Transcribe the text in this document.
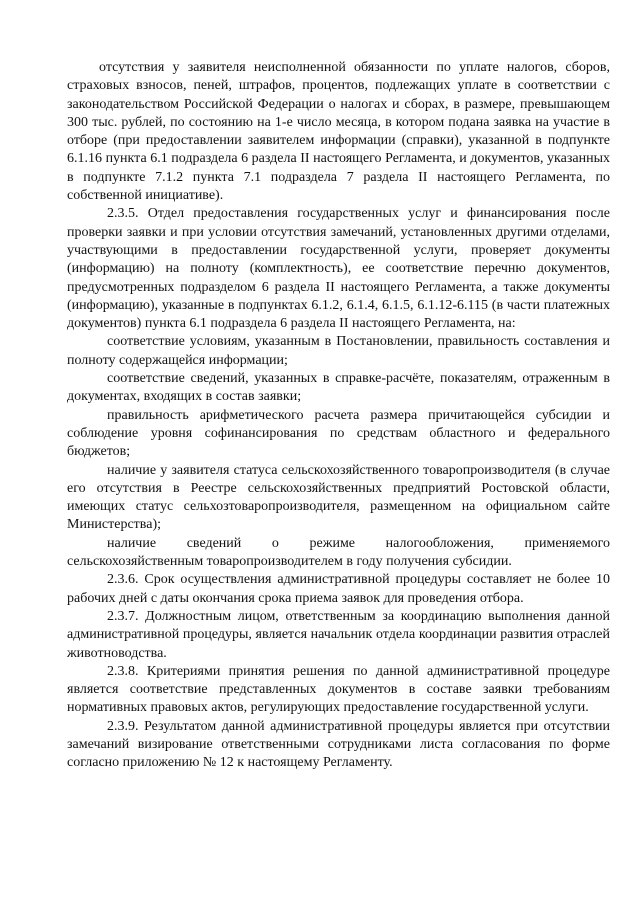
отсутствия у заявителя неисполненной обязанности по уплате налогов, сборов, страховых взносов, пеней, штрафов, процентов, подлежащих уплате в соответствии с законодательством Российской Федерации о налогах и сборах, в размере, превышающем 300 тыс. рублей, по состоянию на 1-е число месяца, в котором подана заявка на участие в отборе (при предоставлении заявителем информации (справки), указанной в подпункте 6.1.16 пункта 6.1 подраздела 6 раздела II настоящего Регламента, и документов, указанных в подпункте 7.1.2 пункта 7.1 подраздела 7 раздела II настоящего Регламента, по собственной инициативе).

2.3.5. Отдел предоставления государственных услуг и финансирования после проверки заявки и при условии отсутствия замечаний, установленных другими отделами, участвующими в предоставлении государственной услуги, проверяет документы (информацию) на полноту (комплектность), ее соответствие перечню документов, предусмотренных подразделом 6 раздела II настоящего Регламента, а также документы (информацию), указанные в подпунктах 6.1.2, 6.1.4, 6.1.5, 6.1.12-6.115 (в части платежных документов) пункта 6.1 подраздела 6 раздела II настоящего Регламента, на:

соответствие условиям, указанным в Постановлении, правильность составления и полноту содержащейся информации;

соответствие сведений, указанных в справке-расчёте, показателям, отраженным в документах, входящих в состав заявки;

правильность арифметического расчета размера причитающейся субсидии и соблюдение уровня софинансирования по средствам областного и федерального бюджетов;

наличие у заявителя статуса сельскохозяйственного товаропроизводителя (в случае его отсутствия в Реестре сельскохозяйственных предприятий Ростовской области, имеющих статус сельхозтоваропроизводителя, размещенном на официальном сайте Министерства);

наличие сведений о режиме налогообложения, применяемого сельскохозяйственным товаропроизводителем в году получения субсидии.

2.3.6. Срок осуществления административной процедуры составляет не более 10 рабочих дней с даты окончания срока приема заявок для проведения отбора.

2.3.7. Должностным лицом, ответственным за координацию выполнения данной административной процедуры, является начальник отдела координации развития отраслей животноводства.

2.3.8. Критериями принятия решения по данной административной процедуре является соответствие представленных документов в составе заявки требованиям нормативных правовых актов, регулирующих предоставление государственной услуги.

2.3.9. Результатом данной административной процедуры является при отсутствии замечаний визирование ответственными сотрудниками листа согласования по форме согласно приложению № 12 к настоящему Регламенту.
